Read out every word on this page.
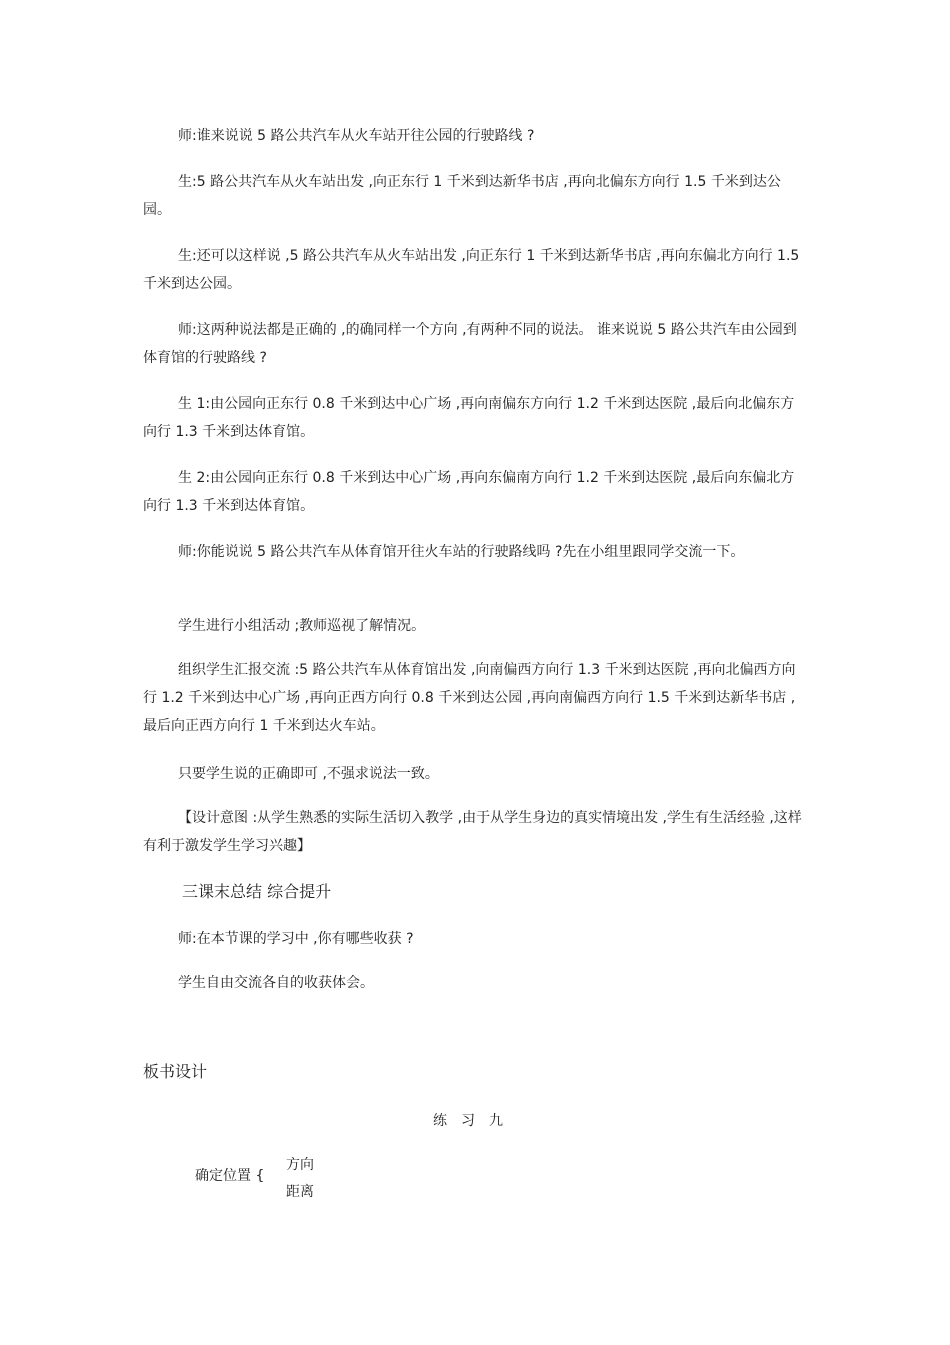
师:谁来说说 5 路公共汽车从火车站开往公园的行驶路线 ?

生:5 路公共汽车从火车站出发 ,向正东行 1 千米到达新华书店 ,再向北偏东方向行 1.5 千米到达公园。

生:还可以这样说 ,5 路公共汽车从火车站出发 ,向正东行 1 千米到达新华书店 ,再向东偏北方向行 1.5 千米到达公园。

师:这两种说法都是正确的 ,的确同样一个方向 ,有两种不同的说法。 谁来说说 5 路公共汽车由公园到体育馆的行驶路线 ?

生 1:由公园向正东行 0.8 千米到达中心广场 ,再向南偏东方向行 1.2 千米到达医院 ,最后向北偏东方向行 1.3 千米到达体育馆。

生 2:由公园向正东行 0.8 千米到达中心广场 ,再向东偏南方向行 1.2 千米到达医院 ,最后向东偏北方向行 1.3 千米到达体育馆。

师:你能说说 5 路公共汽车从体育馆开往火车站的行驶路线吗 ?先在小组里跟同学交流一下。

学生进行小组活动 ;教师巡视了解情况。

组织学生汇报交流 :5 路公共汽车从体育馆出发 ,向南偏西方向行 1.3 千米到达医院 ,再向北偏西方向行 1.2 千米到达中心广场 ,再向正西方向行 0.8 千米到达公园 ,再向南偏西方向行 1.5 千米到达新华书店 ,最后向正西方向行 1 千米到达火车站。

只要学生说的正确即可 ,不强求说法一致。

【设计意图 :从学生熟悉的实际生活切入教学 ,由于从学生身边的真实情境出发 ,学生有生活经验 ,这样有利于激发学生学习兴趣】

三课末总结 综合提升

师:在本节课的学习中 ,你有哪些收获 ?

学生自由交流各自的收获体会。

板书设计

练习九
确定位置 {
方向
距离
